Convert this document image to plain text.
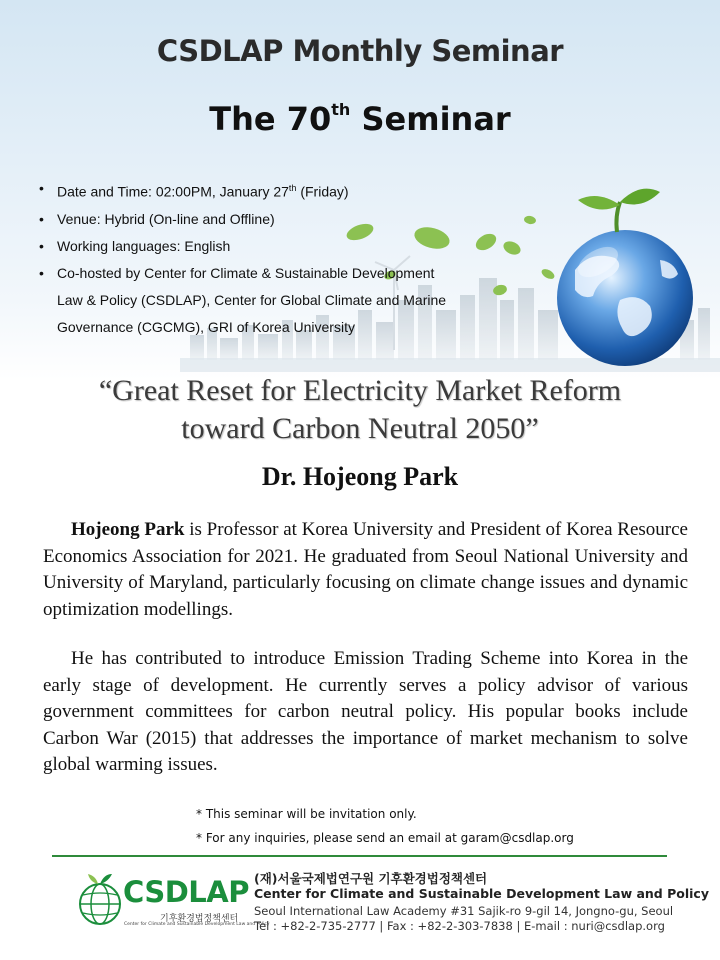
CSDLAP Monthly Seminar
The 70th Seminar
• Date and Time: 02:00PM, January 27th (Friday)
• Venue: Hybrid (On-line and Offline)
• Working languages: English
• Co-hosted by Center for Climate & Sustainable Development Law & Policy (CSDLAP), Center for Global Climate and Marine Governance (CGCMG), GRI of Korea University
“Great Reset for Electricity Market Reform
toward Carbon Neutral 2050”
Dr. Hojeong Park

Hojeong Park is Professor at Korea University and President of Korea Resource Economics Association for 2021. He graduated from Seoul National University and University of Maryland, particularly focusing on climate change issues and dynamic optimization modellings.

He has contributed to introduce Emission Trading Scheme into Korea in the early stage of development. He currently serves a policy advisor of various government committees for carbon neutral policy. His popular books include Carbon War (2015) that addresses the importance of market mechanism to solve global warming issues.

* This seminar will be invitation only.
* For any inquiries, please send an email at garam@csdlap.org
CSDLAP
기후환경법정책센터
Center for Climate and Sustainable Development Law and Policy
(재)서울국제법연구원 기후환경법정책센터
Center for Climate and Sustainable Development Law and Policy
Seoul International Law Academy #31 Sajik-ro 9-gil 14, Jongno-gu, Seoul
Tel : +82-2-735-2777 | Fax : +82-2-303-7838 | E-mail : nuri@csdlap.org
